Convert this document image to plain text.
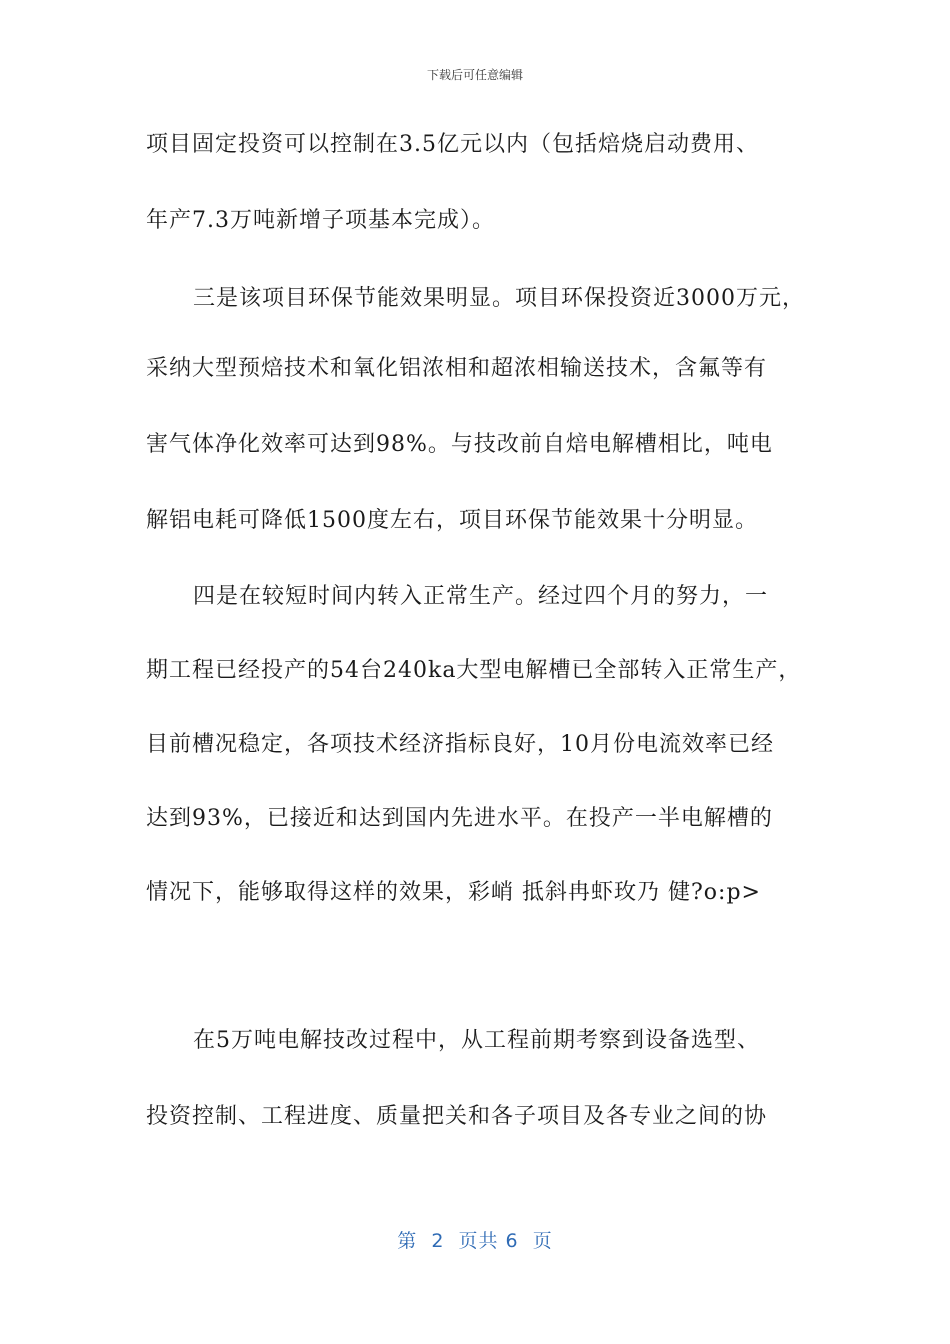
下载后可任意编辑
项目固定投资可以控制在3.5亿元以内（包括焙烧启动费用、
年产7.3万吨新增子项基本完成）。
三是该项目环保节能效果明显。项目环保投资近3000万元，
采纳大型预焙技术和氧化铝浓相和超浓相输送技术，含氟等有
害气体净化效率可达到98%。与技改前自焙电解槽相比，吨电
解铝电耗可降低1500度左右，项目环保节能效果十分明显。
四是在较短时间内转入正常生产。经过四个月的努力，一
期工程已经投产的54台240ka大型电解槽已全部转入正常生产，
目前槽况稳定，各项技术经济指标良好，10月份电流效率已经
达到93%，已接近和达到国内先进水平。在投产一半电解槽的
情况下，能够取得这样的效果，彩峭 抵斜冉虾玫乃 健?o:p>
在5万吨电解技改过程中，从工程前期考察到设备选型、
投资控制、工程进度、质量把关和各子项目及各专业之间的协
第  2  页共 6  页
